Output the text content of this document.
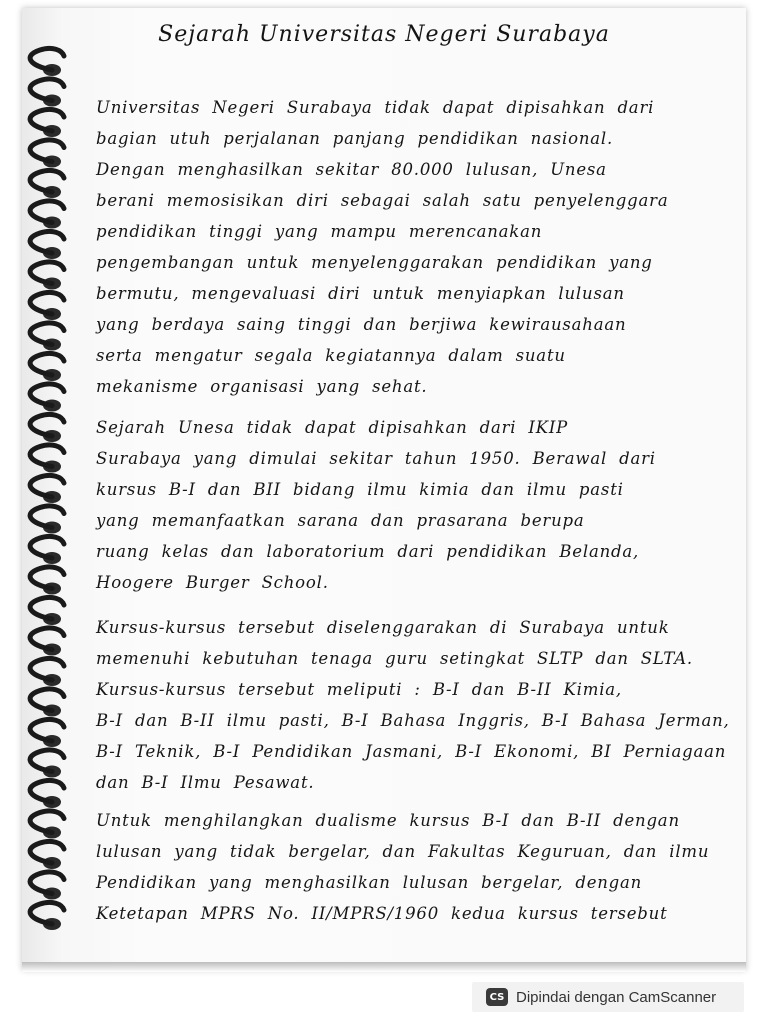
Sejarah Universitas Negeri Surabaya
Universitas Negeri Surabaya tidak dapat dipisahkan dari
bagian utuh perjalanan panjang pendidikan nasional.
Dengan menghasilkan sekitar 80.000 lulusan, Unesa
berani memosisikan diri sebagai salah satu penyelenggara
pendidikan tinggi yang mampu merencanakan
pengembangan untuk menyelenggarakan pendidikan yang
bermutu, mengevaluasi diri untuk menyiapkan lulusan
yang berdaya saing tinggi dan berjiwa kewirausahaan
serta mengatur segala kegiatannya dalam suatu
mekanisme organisasi yang sehat.
Sejarah Unesa tidak dapat dipisahkan dari IKIP
Surabaya yang dimulai sekitar tahun 1950. Berawal dari
kursus B-I dan BII bidang ilmu kimia dan ilmu pasti
yang memanfaatkan sarana dan prasarana berupa
ruang kelas dan laboratorium dari pendidikan Belanda,
Hoogere Burger School.
Kursus-kursus tersebut diselenggarakan di Surabaya untuk
memenuhi kebutuhan tenaga guru setingkat SLTP dan SLTA.
Kursus-kursus tersebut meliputi : B-I dan B-II Kimia,
B-I dan B-II ilmu pasti, B-I Bahasa Inggris, B-I Bahasa Jerman,
B-I Teknik, B-I Pendidikan Jasmani, B-I Ekonomi, BI Perniagaan
dan B-I Ilmu Pesawat.
Untuk menghilangkan dualisme kursus B-I dan B-II dengan
lulusan yang tidak bergelar, dan Fakultas Keguruan, dan ilmu
Pendidikan yang menghasilkan lulusan bergelar, dengan
Ketetapan MPRS No. II/MPRS/1960 kedua kursus tersebut
CS Dipindai dengan CamScanner
